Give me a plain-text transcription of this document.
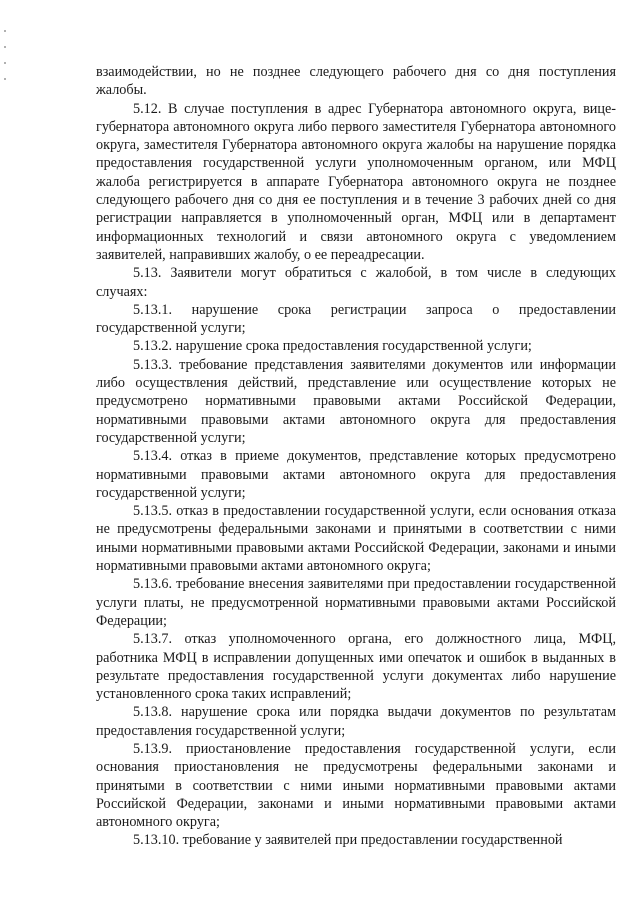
взаимодействии, но не позднее следующего рабочего дня со дня поступления жалобы.

5.12. В случае поступления в адрес Губернатора автономного округа, вице-губернатора автономного округа либо первого заместителя Губернатора автономного округа, заместителя Губернатора автономного округа жалобы на нарушение порядка предоставления государственной услуги уполномоченным органом, или МФЦ жалоба регистрируется в аппарате Губернатора автономного округа не позднее следующего рабочего дня со дня ее поступления и в течение 3 рабочих дней со дня регистрации направляется в уполномоченный орган, МФЦ или в департамент информационных технологий и связи автономного округа с уведомлением заявителей, направивших жалобу, о ее переадресации.

5.13. Заявители могут обратиться с жалобой, в том числе в следующих случаях:

5.13.1. нарушение срока регистрации запроса о предоставлении государственной услуги;

5.13.2. нарушение срока предоставления государственной услуги;

5.13.3. требование представления заявителями документов или информации либо осуществления действий, представление или осуществление которых не предусмотрено нормативными правовыми актами Российской Федерации, нормативными правовыми актами автономного округа для предоставления государственной услуги;

5.13.4. отказ в приеме документов, представление которых предусмотрено нормативными правовыми актами автономного округа для предоставления государственной услуги;

5.13.5. отказ в предоставлении государственной услуги, если основания отказа не предусмотрены федеральными законами и принятыми в соответствии с ними иными нормативными правовыми актами Российской Федерации, законами и иными нормативными правовыми актами автономного округа;

5.13.6. требование внесения заявителями при предоставлении государственной услуги платы, не предусмотренной нормативными правовыми актами Российской Федерации;

5.13.7. отказ уполномоченного органа, его должностного лица, МФЦ, работника МФЦ в исправлении допущенных ими опечаток и ошибок в выданных в результате предоставления государственной услуги документах либо нарушение установленного срока таких исправлений;

5.13.8. нарушение срока или порядка выдачи документов по результатам предоставления государственной услуги;

5.13.9. приостановление предоставления государственной услуги, если основания приостановления не предусмотрены федеральными законами и принятыми в соответствии с ними иными нормативными правовыми актами Российской Федерации, законами и иными нормативными правовыми актами автономного округа;

5.13.10. требование у заявителей при предоставлении государственной
